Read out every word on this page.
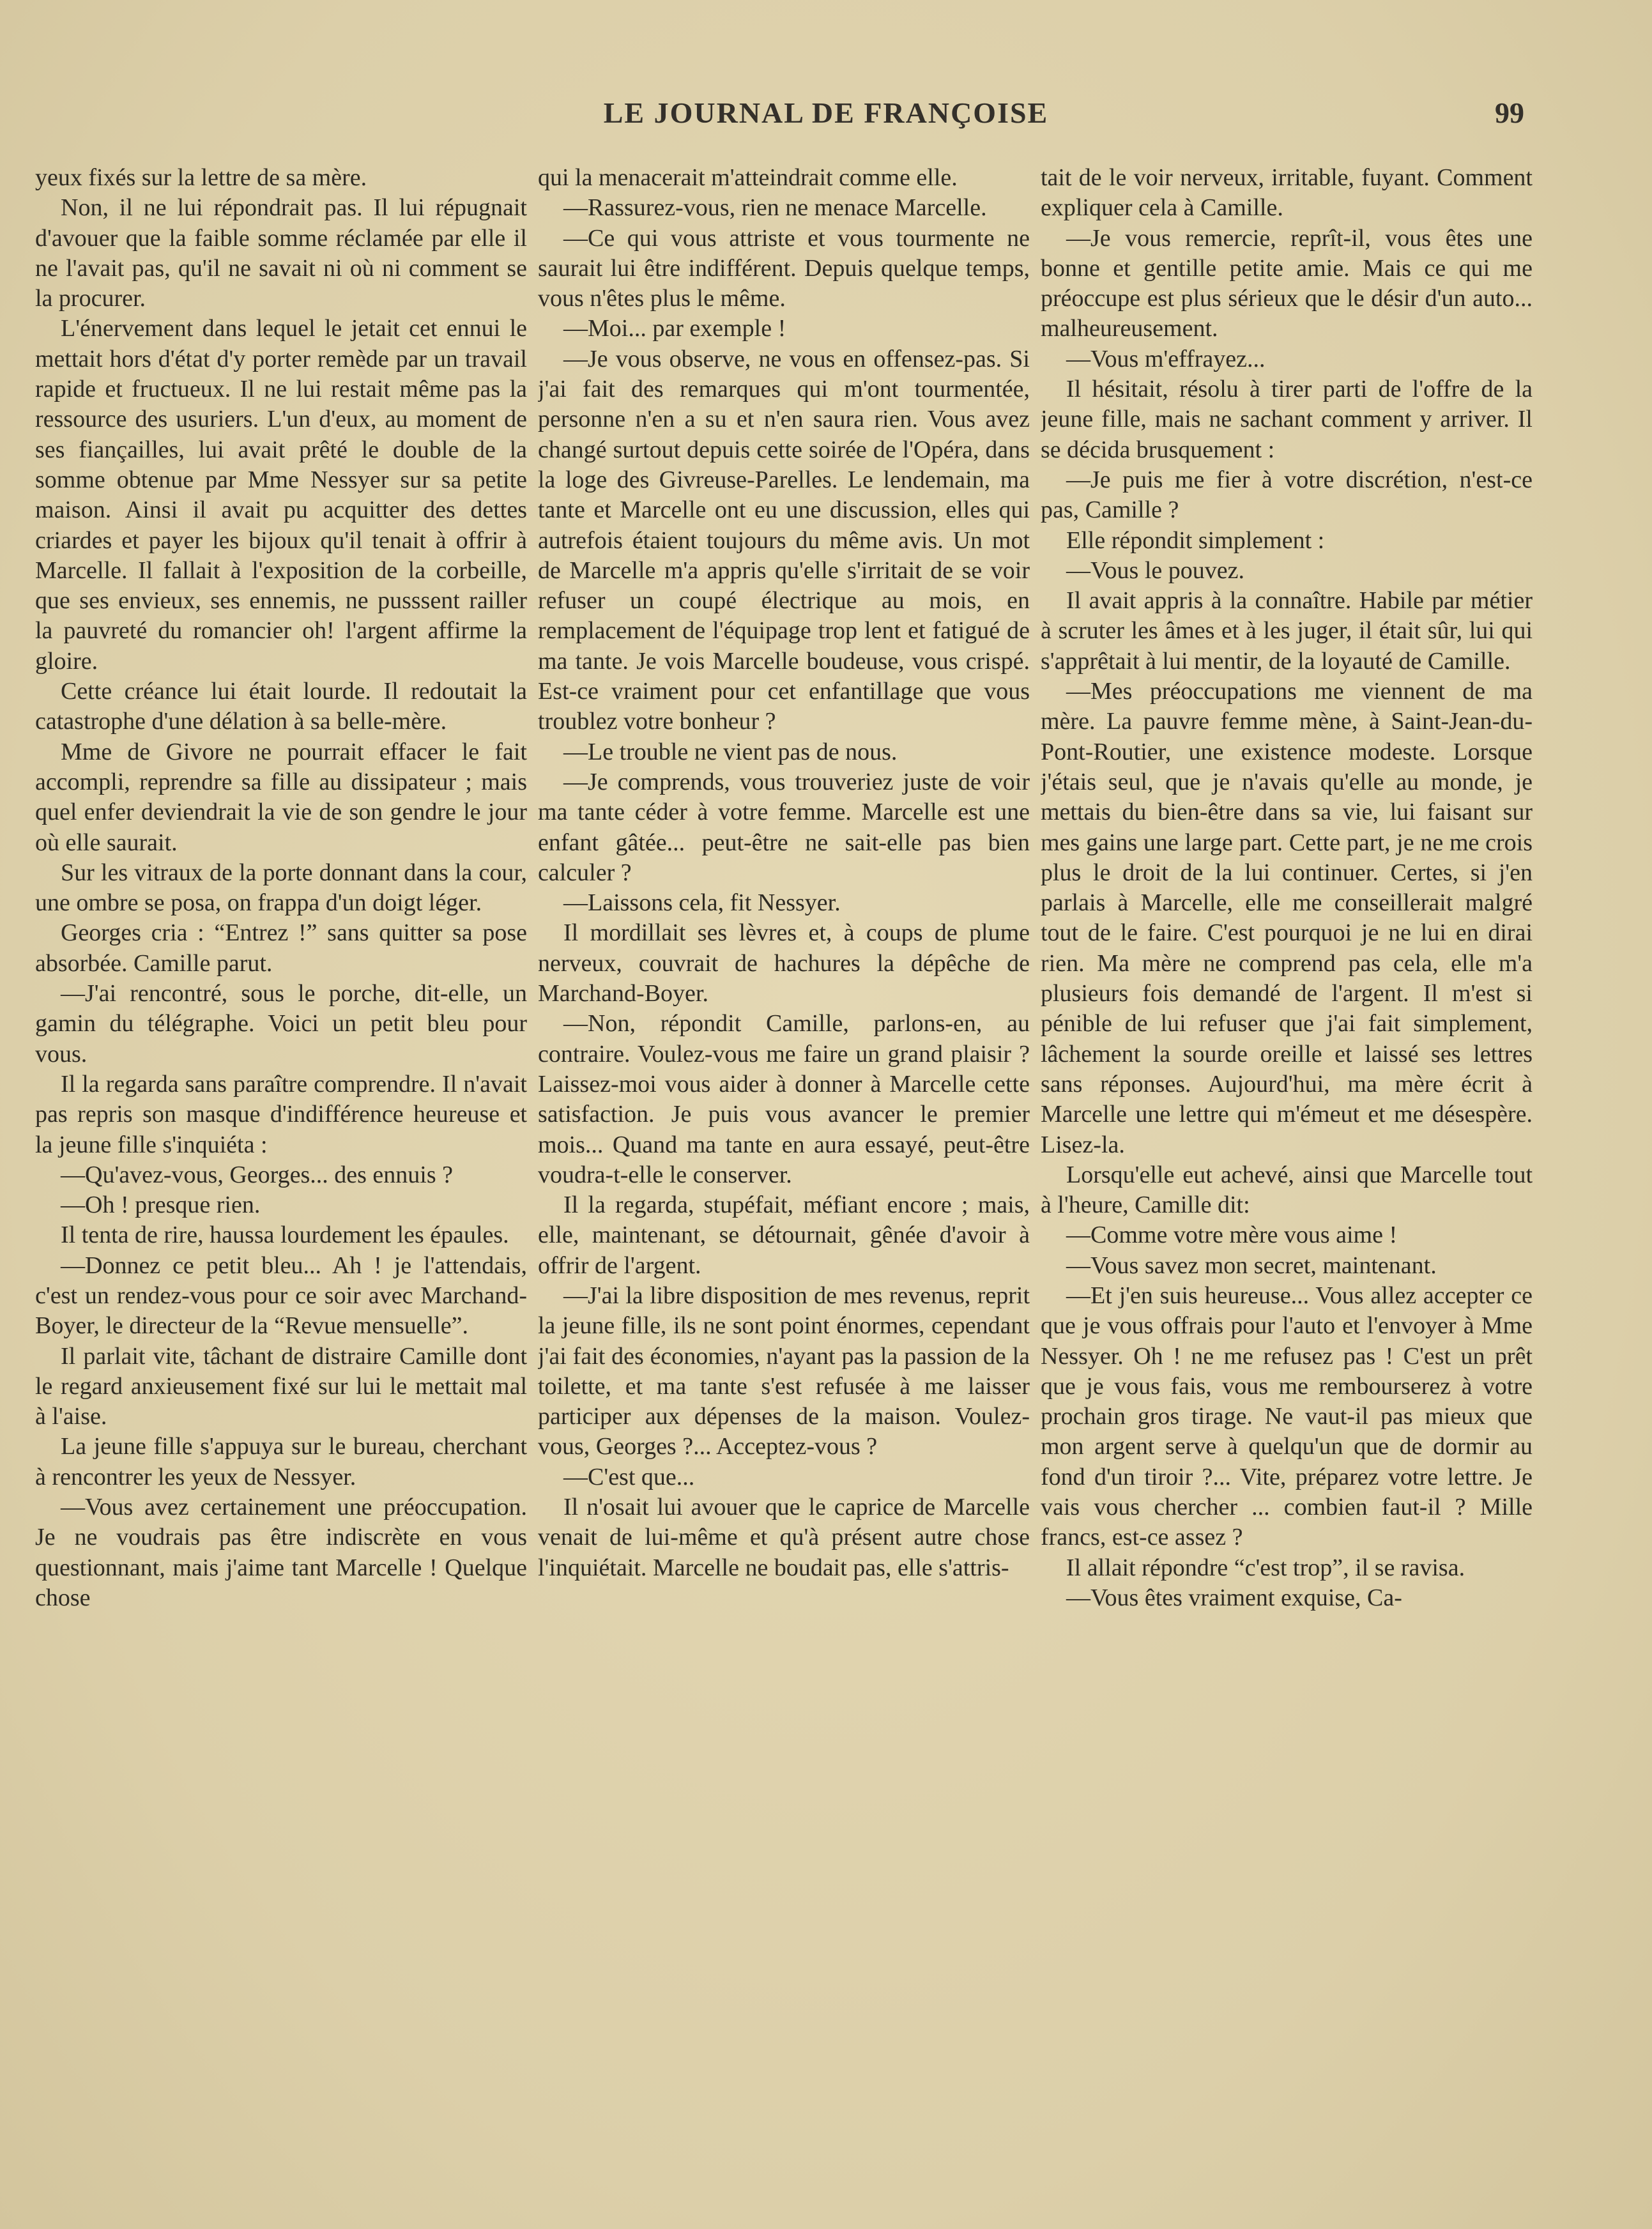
LE JOURNAL DE FRANÇOISE	99

yeux fixés sur la lettre de sa mère.

Non, il ne lui répondrait pas. Il lui répugnait d'avouer que la faible somme réclamée par elle il ne l'avait pas, qu'il ne savait ni où ni comment se la procurer.

L'énervement dans lequel le jetait cet ennui le mettait hors d'état d'y porter remède par un travail rapide et fructueux. Il ne lui restait même pas la ressource des usuriers. L'un d'eux, au moment de ses fiançailles, lui avait prêté le double de la somme obtenue par Mme Nessyer sur sa petite maison. Ainsi il avait pu acquitter des dettes criardes et payer les bijoux qu'il tenait à offrir à Marcelle. Il fallait à l'exposition de la corbeille, que ses envieux, ses ennemis, ne pusssent railler la pauvreté du romancier oh! l'argent affirme la gloire.

Cette créance lui était lourde. Il redoutait la catastrophe d'une délation à sa belle-mère.

Mme de Givore ne pourrait effacer le fait accompli, reprendre sa fille au dissipateur ; mais quel enfer deviendrait la vie de son gendre le jour où elle saurait.

Sur les vitraux de la porte donnant dans la cour, une ombre se posa, on frappa d'un doigt léger.

Georges cria : “Entrez !” sans quitter sa pose absorbée. Camille parut.

—J'ai rencontré, sous le porche, dit-elle, un gamin du télégraphe. Voici un petit bleu pour vous.

Il la regarda sans paraître comprendre. Il n'avait pas repris son masque d'indifférence heureuse et la jeune fille s'inquiéta :

—Qu'avez-vous, Georges... des ennuis ?

—Oh ! presque rien.

Il tenta de rire, haussa lourdement les épaules.

—Donnez ce petit bleu... Ah ! je l'attendais, c'est un rendez-vous pour ce soir avec Marchand-Boyer, le directeur de la “Revue mensuelle”.

Il parlait vite, tâchant de distraire Camille dont le regard anxieusement fixé sur lui le mettait mal à l'aise.

La jeune fille s'appuya sur le bureau, cherchant à rencontrer les yeux de Nessyer.

—Vous avez certainement une préoccupation. Je ne voudrais pas être indiscrète en vous questionnant, mais j'aime tant Marcelle ! Quelque chose

qui la menacerait m'atteindrait comme elle.

—Rassurez-vous, rien ne menace Marcelle.

—Ce qui vous attriste et vous tourmente ne saurait lui être indifférent. Depuis quelque temps, vous n'êtes plus le même.

—Moi... par exemple !

—Je vous observe, ne vous en offensez-pas. Si j'ai fait des remarques qui m'ont tourmentée, personne n'en a su et n'en saura rien. Vous avez changé surtout depuis cette soirée de l'Opéra, dans la loge des Givreuse-Parelles. Le lendemain, ma tante et Marcelle ont eu une discussion, elles qui autrefois étaient toujours du même avis. Un mot de Marcelle m'a appris qu'elle s'irritait de se voir refuser un coupé électrique au mois, en remplacement de l'équipage trop lent et fatigué de ma tante. Je vois Marcelle boudeuse, vous crispé. Est-ce vraiment pour cet enfantillage que vous troublez votre bonheur ?

—Le trouble ne vient pas de nous.

—Je comprends, vous trouveriez juste de voir ma tante céder à votre femme. Marcelle est une enfant gâtée... peut-être ne sait-elle pas bien calculer ?

—Laissons cela, fit Nessyer.

Il mordillait ses lèvres et, à coups de plume nerveux, couvrait de hachures la dépêche de Marchand-Boyer.

—Non, répondit Camille, parlons-en, au contraire. Voulez-vous me faire un grand plaisir ? Laissez-moi vous aider à donner à Marcelle cette satisfaction. Je puis vous avancer le premier mois... Quand ma tante en aura essayé, peut-être voudra-t-elle le conserver.

Il la regarda, stupéfait, méfiant encore ; mais, elle, maintenant, se détournait, gênée d'avoir à offrir de l'argent.

—J'ai la libre disposition de mes revenus, reprit la jeune fille, ils ne sont point énormes, cependant j'ai fait des économies, n'ayant pas la passion de la toilette, et ma tante s'est refusée à me laisser participer aux dépenses de la maison. Voulez-vous, Georges ?... Acceptez-vous ?

—C'est que...

Il n'osait lui avouer que le caprice de Marcelle venait de lui-même et qu'à présent autre chose l'inquiétait. Marcelle ne boudait pas, elle s'attris-

tait de le voir nerveux, irritable, fuyant. Comment expliquer cela à Camille.

—Je vous remercie, reprît-il, vous êtes une bonne et gentille petite amie. Mais ce qui me préoccupe est plus sérieux que le désir d'un auto... malheureusement.

—Vous m'effrayez...

Il hésitait, résolu à tirer parti de l'offre de la jeune fille, mais ne sachant comment y arriver. Il se décida brusquement :

—Je puis me fier à votre discrétion, n'est-ce pas, Camille ?

Elle répondit simplement :

—Vous le pouvez.

Il avait appris à la connaître. Habile par métier à scruter les âmes et à les juger, il était sûr, lui qui s'apprêtait à lui mentir, de la loyauté de Camille.

—Mes préoccupations me viennent de ma mère. La pauvre femme mène, à Saint-Jean-du-Pont-Routier, une existence modeste. Lorsque j'étais seul, que je n'avais qu'elle au monde, je mettais du bien-être dans sa vie, lui faisant sur mes gains une large part. Cette part, je ne me crois plus le droit de la lui continuer. Certes, si j'en parlais à Marcelle, elle me conseillerait malgré tout de le faire. C'est pourquoi je ne lui en dirai rien. Ma mère ne comprend pas cela, elle m'a plusieurs fois demandé de l'argent. Il m'est si pénible de lui refuser que j'ai fait simplement, lâchement la sourde oreille et laissé ses lettres sans réponses. Aujourd'hui, ma mère écrit à Marcelle une lettre qui m'émeut et me désespère. Lisez-la.

Lorsqu'elle eut achevé, ainsi que Marcelle tout à l'heure, Camille dit:

—Comme votre mère vous aime !

—Vous savez mon secret, maintenant.

—Et j'en suis heureuse... Vous allez accepter ce que je vous offrais pour l'auto et l'envoyer à Mme Nessyer. Oh ! ne me refusez pas ! C'est un prêt que je vous fais, vous me rembourserez à votre prochain gros tirage. Ne vaut-il pas mieux que mon argent serve à quelqu'un que de dormir au fond d'un tiroir ?... Vite, préparez votre lettre. Je vais vous chercher ... combien faut-il ? Mille francs, est-ce assez ?

Il allait répondre “c'est trop”, il se ravisa.

—Vous êtes vraiment exquise, Ca-
